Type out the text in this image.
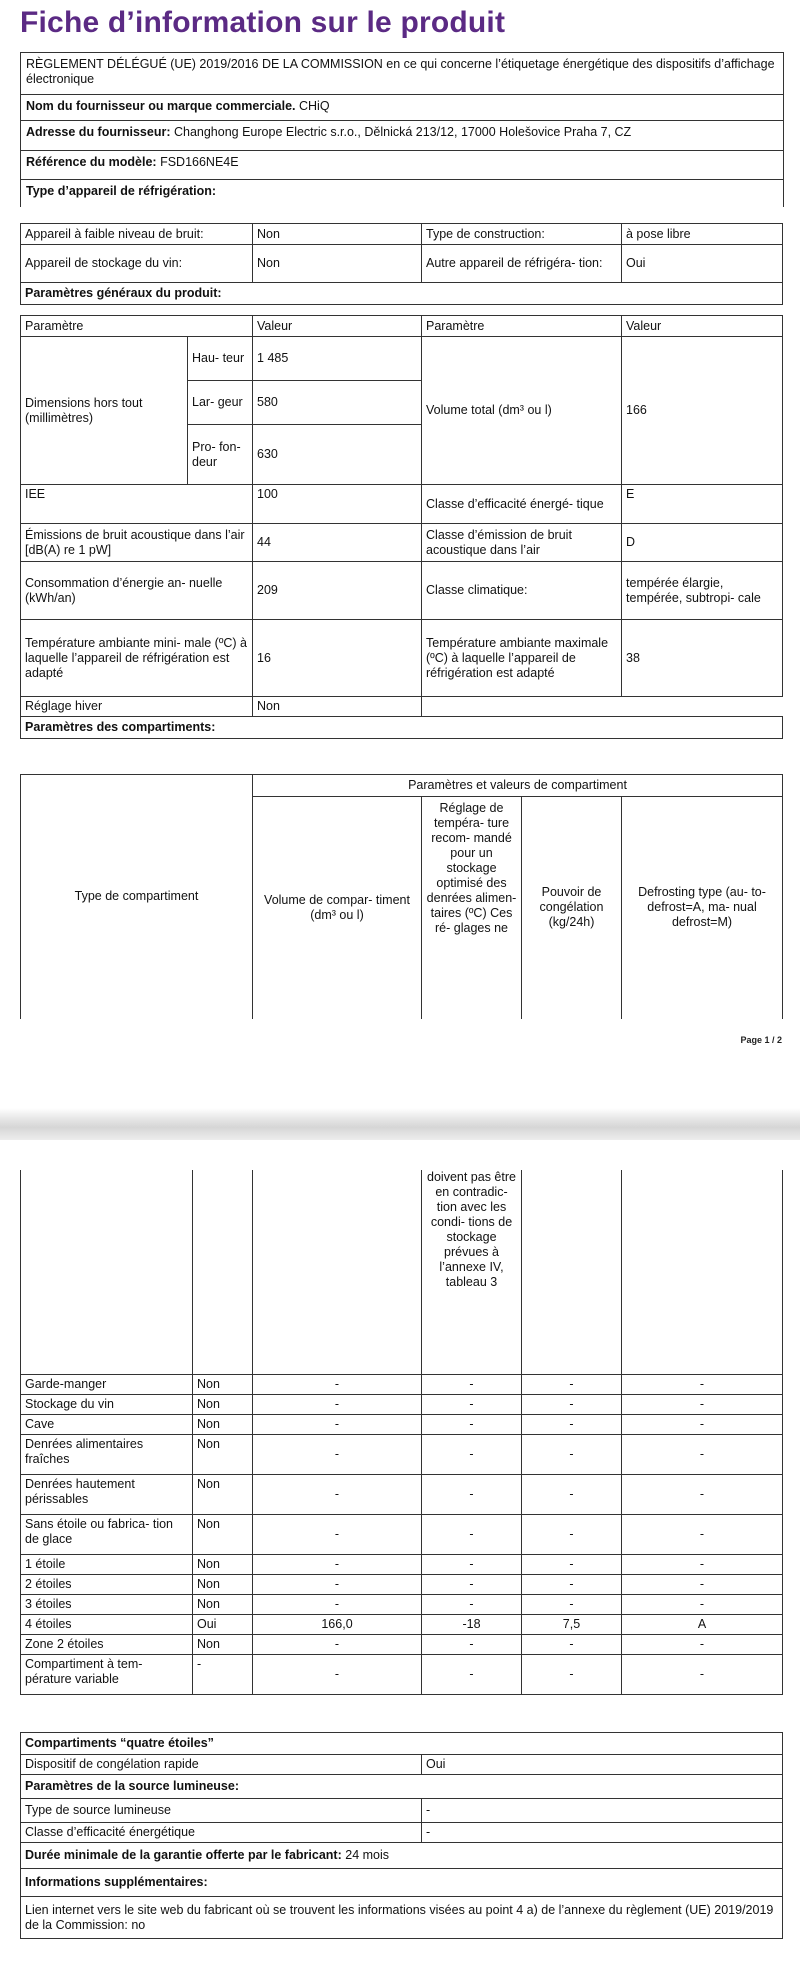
Fiche d’information sur le produit
RÈGLEMENT DÉLÉGUÉ (UE) 2019/2016 DE LA COMMISSION en ce qui concerne l’étiquetage énergétique des dispositifs d’affichage électronique
Nom du fournisseur ou marque commerciale. CHiQ
Adresse du fournisseur: Changhong Europe Electric s.r.o., Dělnická 213/12, 17000 Holešovice Praha 7, CZ
Référence du modèle: FSD166NE4E
Type d’appareil de réfrigération:
Appareil à faible niveau de bruit:	Non	Type de construction:	à pose libre
Appareil de stockage du vin:	Non	Autre appareil de réfrigéra- tion:	Oui
Paramètres généraux du produit:			
Paramètre		Valeur	Paramètre	Valeur
Dimensions hors tout (millimètres)	Hau- teur	1 485	Volume total (dm³ ou l)	166
	Lar- geur	580		
	Pro- fon- deur	630		
IEE		100	Classe d’efficacité énergé- tique	E
Émissions de bruit acoustique dans l’air [dB(A) re 1 pW]		44	Classe d’émission de bruit acoustique dans l’air	D
Consommation d’énergie an- nuelle (kWh/an)		209	Classe climatique:	tempérée élargie, tempérée, subtropi- cale
Température ambiante mini- male (ºC) à laquelle l’appareil de réfrigération est adapté		16	Température ambiante maximale (ºC) à laquelle l’appareil de réfrigération est adapté	38
Réglage hiver		Non		
Paramètres des compartiments:				
Type de compartiment	Paramètres et valeurs de compartiment			
	Volume de compar- timent (dm³ ou l)	Réglage de tempéra- ture recom- mandé pour un stockage optimisé des denrées alimen- taires (ºC) Ces ré- glages ne	Pouvoir de congélation (kg/24h)	Defrosting type (au- to-defrost=A, ma- nual defrost=M)
Page 1 / 2
			doivent pas être en contradic- tion avec les condi- tions de stockage prévues à l’annexe IV, tableau 3		
Garde-manger	Non	-	-	-	-
Stockage du vin	Non	-	-	-	-
Cave	Non	-	-	-	-
Denrées alimentaires fraîches	Non	-	-	-	-
Denrées hautement périssables	Non	-	-	-	-
Sans étoile ou fabrica- tion de glace	Non	-	-	-	-
1 étoile	Non	-	-	-	-
2 étoiles	Non	-	-	-	-
3 étoiles	Non	-	-	-	-
4 étoiles	Oui	166,0	-18	7,5	A
Zone 2 étoiles	Non	-	-	-	-
Compartiment à tem- pérature variable	-	-	-	-	-
Compartiments “quatre étoiles”	
Dispositif de congélation rapide	Oui
Paramètres de la source lumineuse:	
Type de source lumineuse	-
Classe d’efficacité énergétique	-
Durée minimale de la garantie offerte par le fabricant: 24 mois	
Informations supplémentaires:	
Lien internet vers le site web du fabricant où se trouvent les informations visées au point 4 a) de l’annexe du règlement (UE) 2019/2019 de la Commission: no	
